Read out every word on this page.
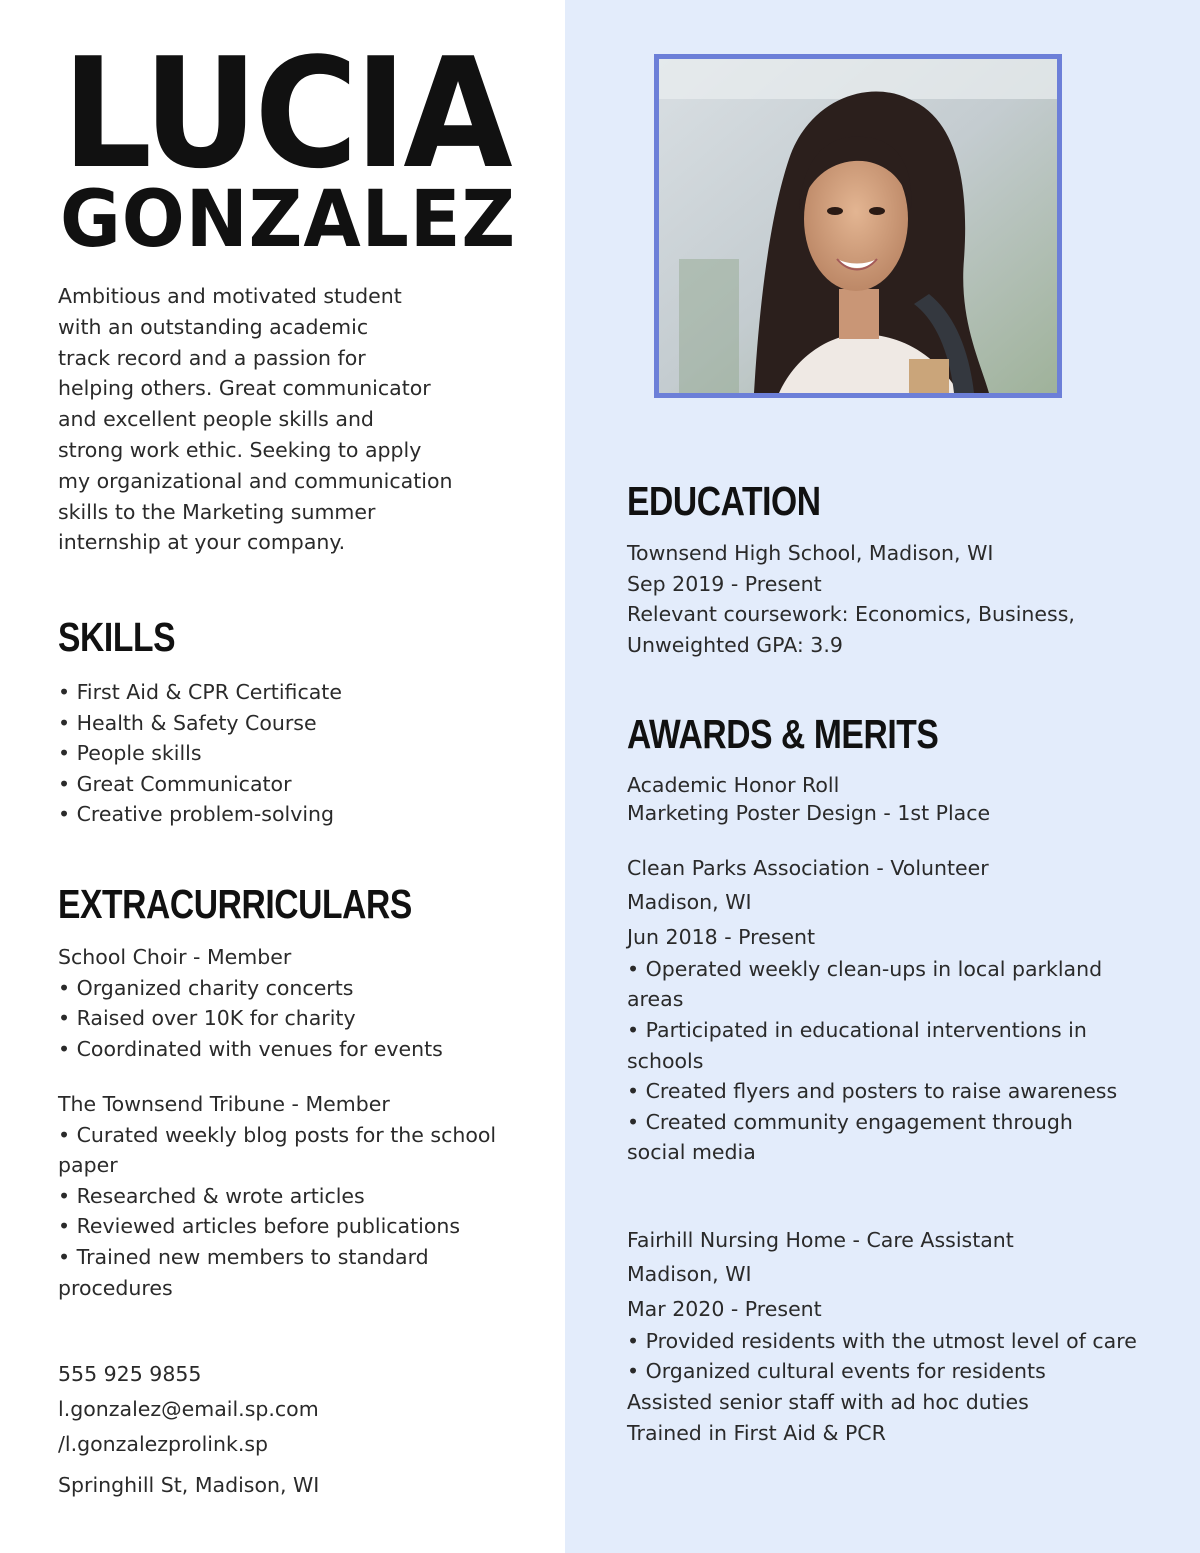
LUCIA
GONZALEZ

Ambitious and motivated student
with an outstanding academic
track record and a passion for
helping others. Great communicator
and excellent people skills and
strong work ethic. Seeking to apply
my organizational and communication
skills to the Marketing summer
internship at your company.

SKILLS
• First Aid & CPR Certificate
• Health & Safety Course
• People skills
• Great Communicator
• Creative problem-solving
EXTRACURRICULARS

School Choir - Member

• Organized charity concerts
• Raised over 10K for charity
• Coordinated with venues for events

The Townsend Tribune - Member

• Curated weekly blog posts for the school paper
• Researched & wrote articles
• Reviewed articles before publications
• Trained new members to standard procedures

555 925 9855

l.gonzalez@email.sp.com

/l.gonzalezprolink.sp

Springhill St, Madison, WI

EDUCATION

Townsend High School, Madison, WI

Sep 2019 - Present

Relevant coursework: Economics, Business,

Unweighted GPA: 3.9

AWARDS & MERITS

Academic Honor Roll

Marketing Poster Design - 1st Place

Clean Parks Association - Volunteer

Madison, WI

Jun 2018 - Present

• Operated weekly clean-ups in local parkland areas
• Participated in educational interventions in schools
• Created flyers and posters to raise awareness
• Created community engagement through social media

Fairhill Nursing Home - Care Assistant

Madison, WI

Mar 2020 - Present

• Provided residents with the utmost level of care
• Organized cultural events for residents
Assisted senior staff with ad hoc duties
Trained in First Aid & PCR
